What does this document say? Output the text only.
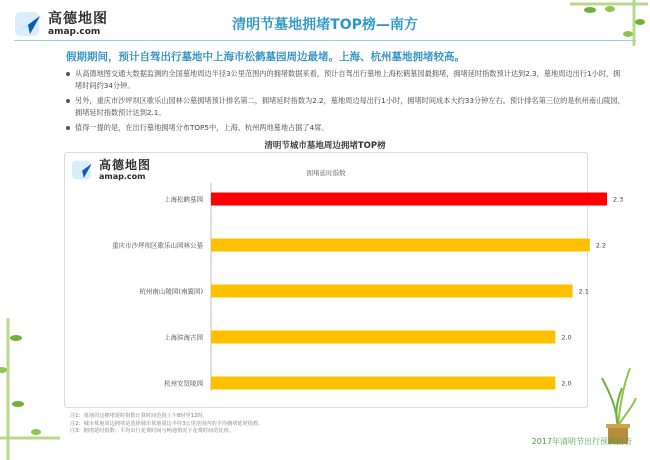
高德地图
amap.com	清明节墓地拥堵TOP榜—南方
假期期间，预计自驾出行墓地中上海市松鹤墓园周边最堵。上海、杭州墓地拥堵较高。
从高德地图交通大数据监测的全国墓地周边半径3公里范围内的拥堵数据来看，预计自驾出行墓地上海松鹤墓园最拥堵，拥堵延时指数预计达到2.3，墓地周边出行1小时，拥堵时间约34分钟。
另外，重庆市沙坪坝区歌乐山园林公墓拥堵预计排名第二，拥堵延时指数为2.2，墓地周边每出行1小时，拥堵时间成本大约33分钟左右。预计排名第三位的是杭州南山陵园，拥堵延时指数预计达到2.1。
值得一提的是，在出行墓地拥堵分布TOP5中，上海、杭州两地墓地占据了4席。
清明节城市墓地周边拥堵TOP榜
拥堵延时指数
上海松鹤墓园	2.3
重庆市沙坪坝区歌乐山园林公墓	2.2
杭州南山陵园(南翼园)	2.1
上海滨海古园	2.0
杭州安贤陵园	2.0
高德地图
amap.com
注1：墓地周边拥堵延时指数计算时间范围上午8时至12时。
注2：城市墓地周边拥堵是选择城市墓地周边半径3公里范围内的平均拥堵延时指数。
注3：拥堵延时指数：平均出行花费时间与畅通情况下花费时间的比值。
2017年清明节出行预测报告
